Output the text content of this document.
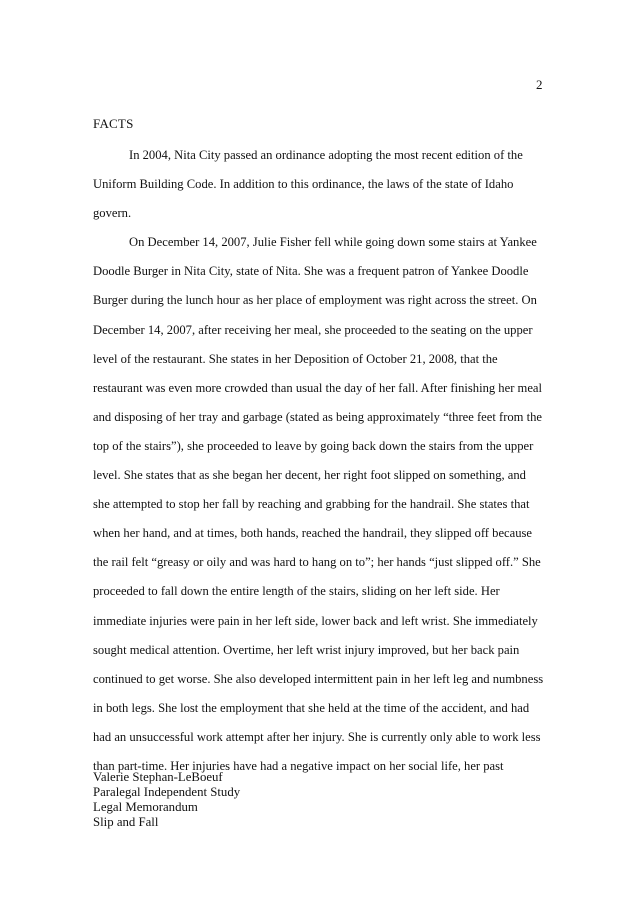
2
FACTS
In 2004, Nita City passed an ordinance adopting the most recent edition of the
Uniform Building Code. In addition to this ordinance, the laws of the state of Idaho
govern.
On December 14, 2007, Julie Fisher fell while going down some stairs at Yankee
Doodle Burger in Nita City, state of Nita. She was a frequent patron of Yankee Doodle
Burger during the lunch hour as her place of employment was right across the street. On
December 14, 2007, after receiving her meal, she proceeded to the seating on the upper
level of the restaurant. She states in her Deposition of October 21, 2008, that the
restaurant was even more crowded than usual the day of her fall. After finishing her meal
and disposing of her tray and garbage (stated as being approximately “three feet from the
top of the stairs”), she proceeded to leave by going back down the stairs from the upper
level. She states that as she began her decent, her right foot slipped on something, and
she attempted to stop her fall by reaching and grabbing for the handrail. She states that
when her hand, and at times, both hands, reached the handrail, they slipped off because
the rail felt “greasy or oily and was hard to hang on to”; her hands “just slipped off.” She
proceeded to fall down the entire length of the stairs, sliding on her left side. Her
immediate injuries were pain in her left side, lower back and left wrist. She immediately
sought medical attention. Overtime, her left wrist injury improved, but her back pain
continued to get worse. She also developed intermittent pain in her left leg and numbness
in both legs. She lost the employment that she held at the time of the accident, and had
had an unsuccessful work attempt after her injury. She is currently only able to work less
than part-time. Her injuries have had a negative impact on her social life, her past
Valerie Stephan-LeBoeuf
Paralegal Independent Study
Legal Memorandum
Slip and Fall
